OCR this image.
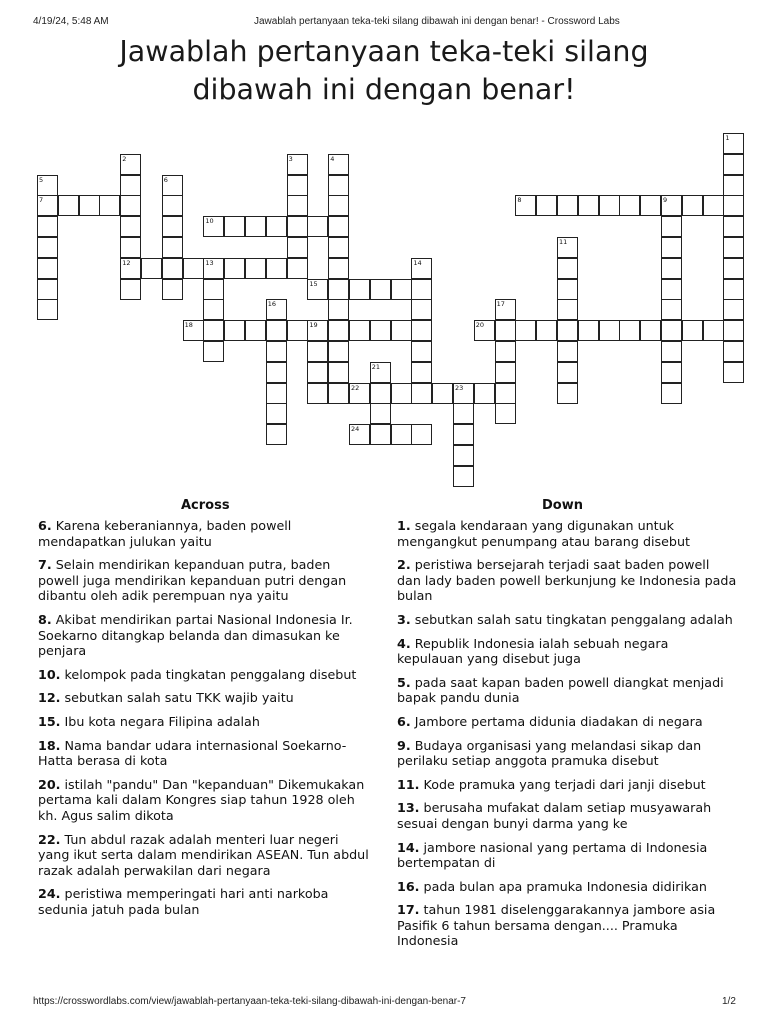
4/19/24, 5:48 AM	Jawablah pertanyaan teka-teki silang dibawah ini dengan benar! - Crossword Labs
Jawablah pertanyaan teka-teki silang
dibawah ini dengan benar!
1
2	3	4
5	6
7	8	9
10
11
12	13	14
15
16	17
18	19	20
21
22	23
24
Across	Down
6. Karena keberaniannya, baden powell mendapatkan julukan yaitu
7. Selain mendirikan kepanduan putra, baden powell juga mendirikan kepanduan putri dengan dibantu oleh adik perempuan nya yaitu
8. Akibat mendirikan partai Nasional Indonesia Ir. Soekarno ditangkap belanda dan dimasukan ke penjara
10. kelompok pada tingkatan penggalang disebut
12. sebutkan salah satu TKK wajib yaitu
15. Ibu kota negara Filipina adalah
18. Nama bandar udara internasional Soekarno-Hatta berasa di kota
20. istilah "pandu" Dan "kepanduan" Dikemukakan pertama kali dalam Kongres siap tahun 1928 oleh kh. Agus salim dikota
22. Tun abdul razak adalah menteri luar negeri yang ikut serta dalam mendirikan ASEAN. Tun abdul razak adalah perwakilan dari negara
24. peristiwa memperingati hari anti narkoba sedunia jatuh pada bulan
1. segala kendaraan yang digunakan untuk mengangkut penumpang atau barang disebut
2. peristiwa bersejarah terjadi saat baden powell dan lady baden powell berkunjung ke Indonesia pada bulan
3. sebutkan salah satu tingkatan penggalang adalah
4. Republik Indonesia ialah sebuah negara kepulauan yang disebut juga
5. pada saat kapan baden powell diangkat menjadi bapak pandu dunia
6. Jambore pertama didunia diadakan di negara
9. Budaya organisasi yang melandasi sikap dan perilaku setiap anggota pramuka disebut
11. Kode pramuka yang terjadi dari janji disebut
13. berusaha mufakat dalam setiap musyawarah sesuai dengan bunyi darma yang ke
14. jambore nasional yang pertama di Indonesia bertempatan di
16. pada bulan apa pramuka Indonesia didirikan
17. tahun 1981 diselenggarakannya jambore asia Pasifik 6 tahun bersama dengan.... Pramuka Indonesia
https://crosswordlabs.com/view/jawablah-pertanyaan-teka-teki-silang-dibawah-ini-dengan-benar-7	1/2
